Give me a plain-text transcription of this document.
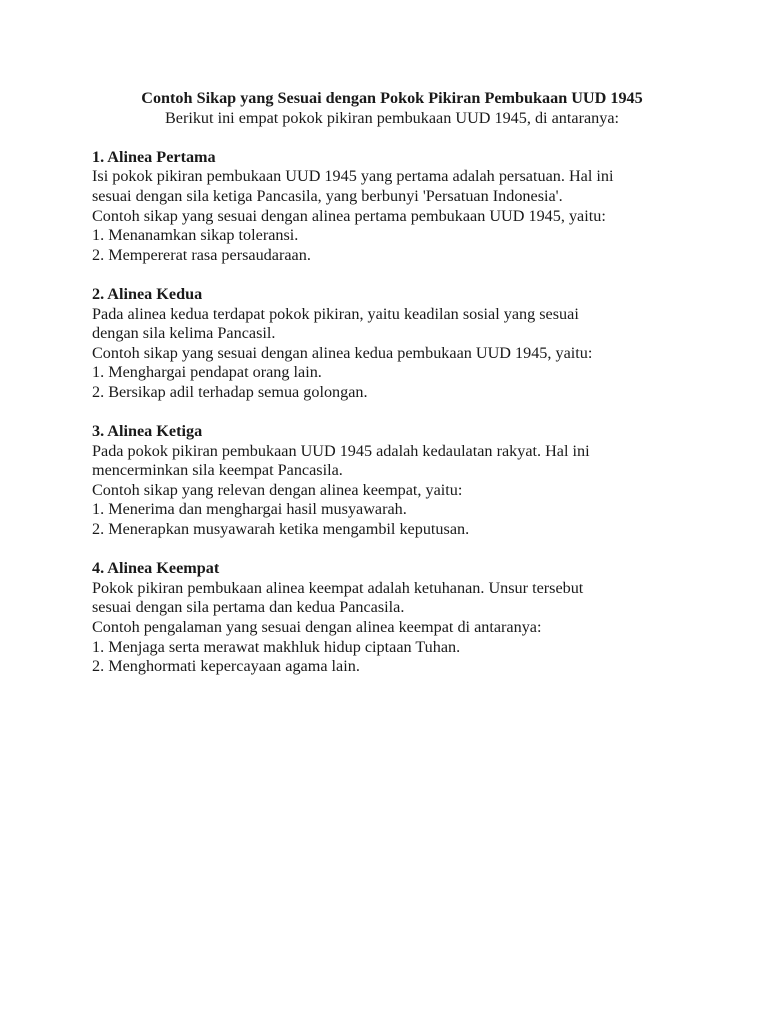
Contoh Sikap yang Sesuai dengan Pokok Pikiran Pembukaan UUD 1945

Berikut ini empat pokok pikiran pembukaan UUD 1945, di antaranya:

1. Alinea Pertama

Isi pokok pikiran pembukaan UUD 1945 yang pertama adalah persatuan. Hal ini

sesuai dengan sila ketiga Pancasila, yang berbunyi 'Persatuan Indonesia'.

Contoh sikap yang sesuai dengan alinea pertama pembukaan UUD 1945, yaitu:

1. Menanamkan sikap toleransi.
2. Mempererat rasa persaudaraan.

2. Alinea Kedua

Pada alinea kedua terdapat pokok pikiran, yaitu keadilan sosial yang sesuai

dengan sila kelima Pancasil.

Contoh sikap yang sesuai dengan alinea kedua pembukaan UUD 1945, yaitu:

1. Menghargai pendapat orang lain.
2. Bersikap adil terhadap semua golongan.

3. Alinea Ketiga

Pada pokok pikiran pembukaan UUD 1945 adalah kedaulatan rakyat. Hal ini

mencerminkan sila keempat Pancasila.

Contoh sikap yang relevan dengan alinea keempat, yaitu:

1. Menerima dan menghargai hasil musyawarah.
2. Menerapkan musyawarah ketika mengambil keputusan.

4. Alinea Keempat

Pokok pikiran pembukaan alinea keempat adalah ketuhanan. Unsur tersebut

sesuai dengan sila pertama dan kedua Pancasila.

Contoh pengalaman yang sesuai dengan alinea keempat di antaranya:

1. Menjaga serta merawat makhluk hidup ciptaan Tuhan.
2. Menghormati kepercayaan agama lain.
